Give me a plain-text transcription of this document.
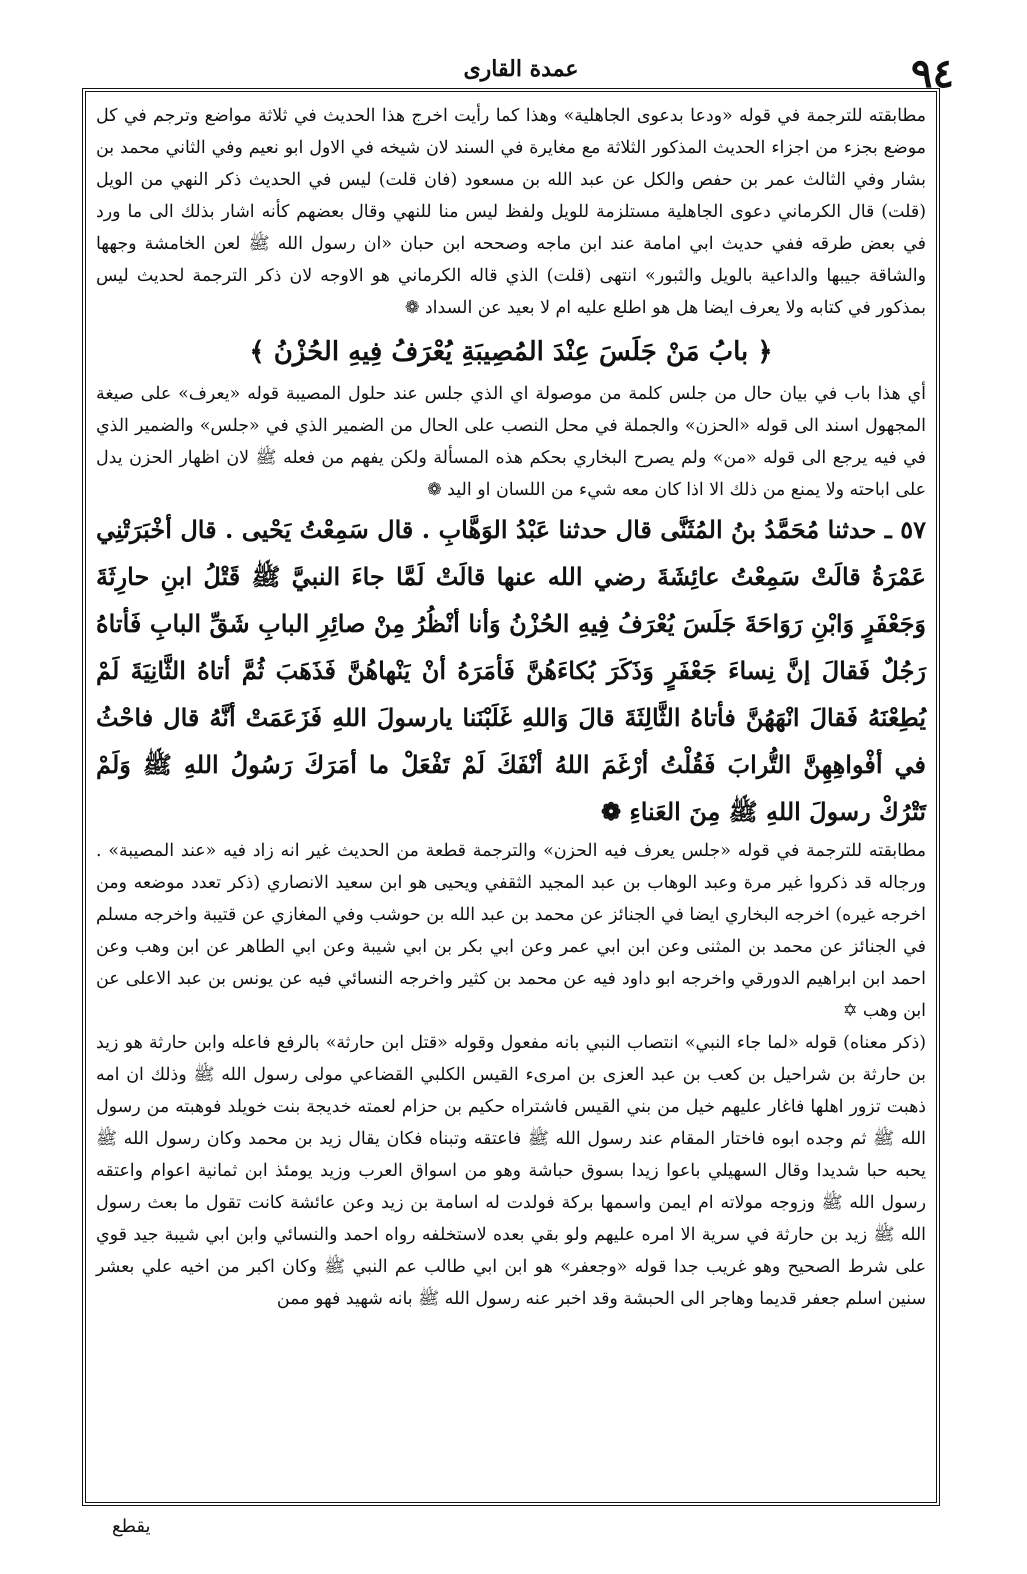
٩٤
عمدة القارى

مطابقته للترجمة في قوله «ودعا بدعوى الجاهلية» وهذا كما رأيت اخرج هذا الحديث في ثلاثة مواضع وترجم في كل موضع بجزء من اجزاء الحديث المذكور الثلاثة مع مغايرة في السند لان شيخه في الاول ابو نعيم وفي الثاني محمد بن بشار وفي الثالث عمر بن حفص والكل عن عبد الله بن مسعود (فان قلت) ليس في الحديث ذكر النهي من الويل (قلت) قال الكرماني دعوى الجاهلية مستلزمة للويل ولفظ ليس منا للنهي وقال بعضهم كأنه اشار بذلك الى ما ورد في بعض طرقه ففي حديث ابي امامة عند ابن ماجه وصححه ابن حبان «ان رسول الله ﷺ لعن الخامشة وجهها والشاقة جيبها والداعية بالويل والثبور» انتهى (قلت) الذي قاله الكرماني هو الاوجه لان ذكر الترجمة لحديث ليس بمذكور في كتابه ولا يعرف ايضا هل هو اطلع عليه ام لا بعيد عن السداد ❁

﴿ بابُ مَنْ جَلَسَ عِنْدَ المُصِيبَةِ يُعْرَفُ فِيهِ الحُزْنُ ﴾

أي هذا باب في بيان حال من جلس كلمة من موصولة اي الذي جلس عند حلول المصيبة قوله «يعرف» على صيغة المجهول اسند الى قوله «الحزن» والجملة في محل النصب على الحال من الضمير الذي في «جلس» والضمير الذي في فيه يرجع الى قوله «من» ولم يصرح البخاري بحكم هذه المسألة ولكن يفهم من فعله ﷺ لان اظهار الحزن يدل على اباحته ولا يمنع من ذلك الا اذا كان معه شيء من اللسان او اليد ❁

٥٧ ـ حدثنا مُحَمَّدُ بنُ المُثَنَّى قال حدثنا عَبْدُ الوَهَّابِ . قال سَمِعْتُ يَحْيى . قال أخْبَرَتْنِي عَمْرَةُ قالَتْ سَمِعْتُ عائِشَةَ رضي الله عنها قالَتْ لَمَّا جاءَ النبيَّ ﷺ قَتْلُ ابنِ حارِثَةَ وَجَعْفَرٍ وَابْنِ رَوَاحَةَ جَلَسَ يُعْرَفُ فِيهِ الحُزْنُ وَأنا أنْظُرُ مِنْ صائِرِ البابِ شَقِّ البابِ فَأتاهُ رَجُلٌ فَقالَ إنَّ نِساءَ جَعْفَرٍ وَذَكَرَ بُكاءَهُنَّ فَأمَرَهُ أنْ يَنْهاهُنَّ فَذَهَبَ ثُمَّ أتاهُ الثَّانِيَةَ لَمْ يُطِعْنَهُ فَقالَ انْهَهُنَّ فأتاهُ الثَّالِثَةَ قالَ وَاللهِ غَلَبْنَنا يارسولَ اللهِ فَزَعَمَتْ أنَّهُ قال فاحْثُ في أفْواهِهِنَّ التُّرابَ فَقُلْتُ أرْغَمَ اللهُ أنْفَكَ لَمْ تَفْعَلْ ما أمَرَكَ رَسُولُ اللهِ ﷺ وَلَمْ تَتْرُكْ رسولَ اللهِ ﷺ مِنَ العَناءِ ❁

مطابقته للترجمة في قوله «جلس يعرف فيه الحزن» والترجمة قطعة من الحديث غير انه زاد فيه «عند المصيبة» . ورجاله قد ذكروا غير مرة وعبد الوهاب بن عبد المجيد الثقفي ويحيى هو ابن سعيد الانصاري (ذكر تعدد موضعه ومن اخرجه غيره) اخرجه البخاري ايضا في الجنائز عن محمد بن عبد الله بن حوشب وفي المغازي عن قتيبة واخرجه مسلم في الجنائز عن محمد بن المثنى وعن ابن ابي عمر وعن ابي بكر بن ابي شيبة وعن ابي الطاهر عن ابن وهب وعن احمد ابن ابراهيم الدورقي واخرجه ابو داود فيه عن محمد بن كثير واخرجه النسائي فيه عن يونس بن عبد الاعلى عن ابن وهب ✡

(ذكر معناه) قوله «لما جاء النبي» انتصاب النبي بانه مفعول وقوله «قتل ابن حارثة» بالرفع فاعله وابن حارثة هو زيد بن حارثة بن شراحيل بن كعب بن عبد العزى بن امرىء القيس الكلبي القضاعي مولى رسول الله ﷺ وذلك ان امه ذهبت تزور اهلها فاغار عليهم خيل من بني القيس فاشتراه حكيم بن حزام لعمته خديجة بنت خويلد فوهبته من رسول الله ﷺ ثم وجده ابوه فاختار المقام عند رسول الله ﷺ فاعتقه وتبناه فكان يقال زيد بن محمد وكان رسول الله ﷺ يحبه حبا شديدا وقال السهيلي باعوا زيدا بسوق حباشة وهو من اسواق العرب وزيد يومئذ ابن ثمانية اعوام واعتقه رسول الله ﷺ وزوجه مولاته ام ايمن واسمها بركة فولدت له اسامة بن زيد وعن عائشة كانت تقول ما بعث رسول الله ﷺ زيد بن حارثة في سرية الا امره عليهم ولو بقي بعده لاستخلفه رواه احمد والنسائي وابن ابي شيبة جيد قوي على شرط الصحيح وهو غريب جدا قوله «وجعفر» هو ابن ابي طالب عم النبي ﷺ وكان اكبر من اخيه علي بعشر سنين اسلم جعفر قديما وهاجر الى الحبشة وقد اخبر عنه رسول الله ﷺ بانه شهيد فهو ممن

يقطع
